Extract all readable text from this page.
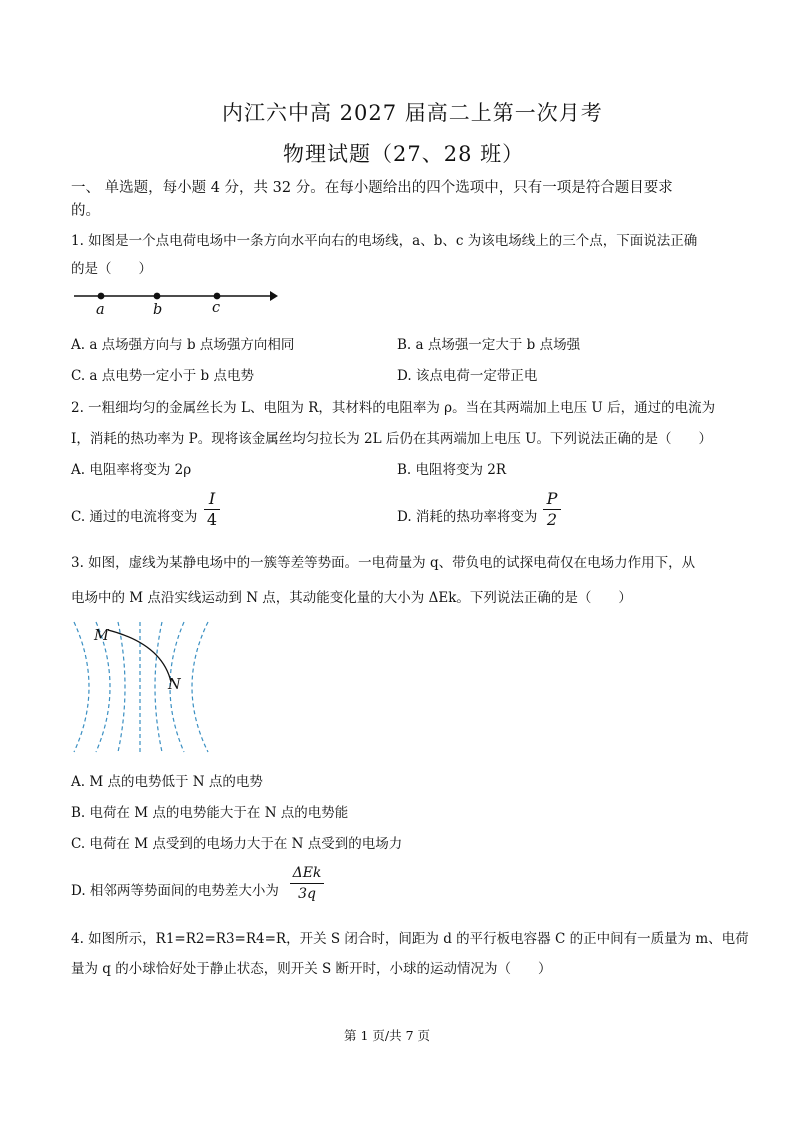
内江六中高 2027 届高二上第一次月考
物理试题（27、28 班）
一、 单选题，每小题 4 分，共 32 分。在每小题给出的四个选项中，只有一项是符合题目要求
的。
1. 如图是一个点电荷电场中一条方向水平向右的电场线，a、b、c 为该电场线上的三个点，下面说法正确
的是（　　）
a	b	c
A. a 点场强方向与 b 点场强方向相同	B. a 点场强一定大于 b 点场强
C. a 点电势一定小于 b 点电势	D. 该点电荷一定带正电
2. 一粗细均匀的金属丝长为 L、电阻为 R，其材料的电阻率为 ρ。当在其两端加上电压 U 后，通过的电流为
I，消耗的热功率为 P。现将该金属丝均匀拉长为 2L 后仍在其两端加上电压 U。下列说法正确的是（　　）
A. 电阻率将变为 2ρ	B. 电阻将变为 2R
C. 通过的电流将变为
I
4	D. 消耗的热功率将变为
P
2
3. 如图，虚线为某静电场中的一簇等差等势面。一电荷量为 q、带负电的试探电荷仅在电场力作用下，从
电场中的 M 点沿实线运动到 N 点，其动能变化量的大小为 ΔEk。下列说法正确的是（　　）
M
N
A. M 点的电势低于 N 点的电势
B. 电荷在 M 点的电势能大于在 N 点的电势能
C. 电荷在 M 点受到的电场力大于在 N 点受到的电场力
D. 相邻两等势面间的电势差大小为
ΔEk
3q
4. 如图所示，R1=R2=R3=R4=R，开关 S 闭合时，间距为 d 的平行板电容器 C 的正中间有一质量为 m、电荷
量为 q 的小球恰好处于静止状态，则开关 S 断开时，小球的运动情况为（　　）
第 1 页/共 7 页
